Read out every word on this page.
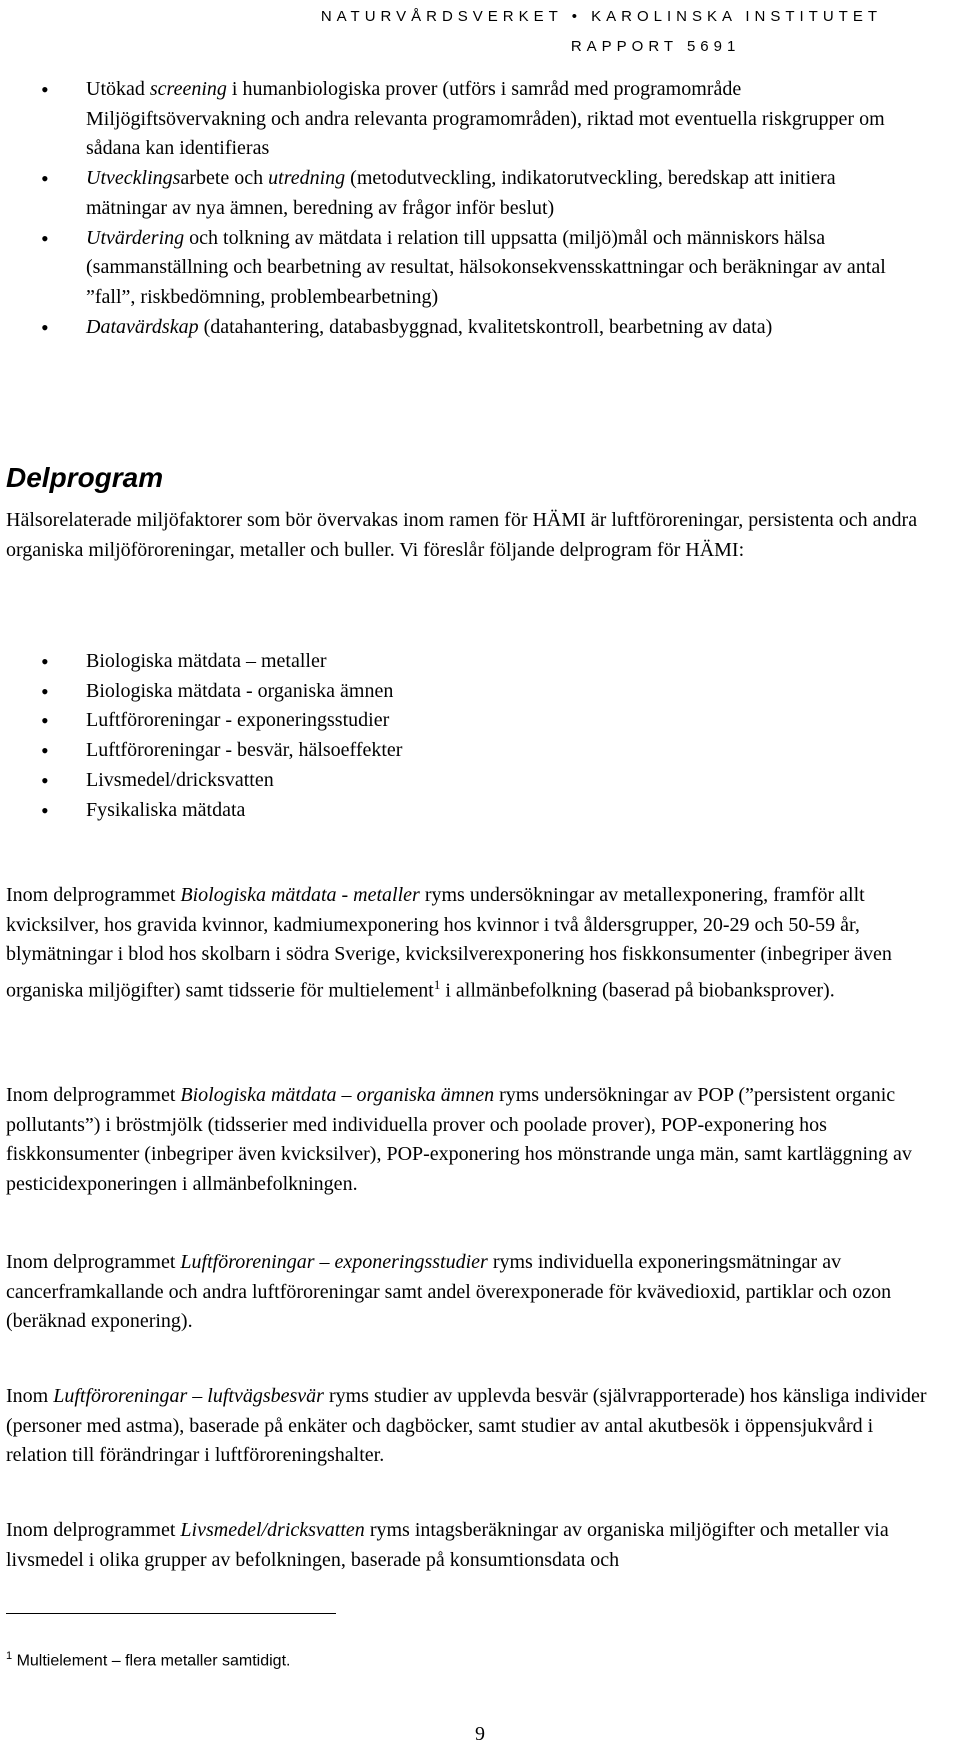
NATURVÅRDSVERKET • KAROLINSKA INSTITUTET
RAPPORT 5691
• Utökad screening i humanbiologiska prover (utförs i samråd med programområde Miljögiftsövervakning och andra relevanta programområden), riktad mot eventuella riskgrupper om sådana kan identifieras
• Utvecklingsarbete och utredning (metodutveckling, indikatorutveckling, beredskap att initiera mätningar av nya ämnen, beredning av frågor inför beslut)
• Utvärdering och tolkning av mätdata i relation till uppsatta (miljö)mål och människors hälsa (sammanställning och bearbetning av resultat, hälsokonsekvensskattningar och beräkningar av antal ”fall”, riskbedömning, problembearbetning)
• Datavärdskap (datahantering, databasbyggnad, kvalitetskontroll, bearbetning av data)
Delprogram

Hälsorelaterade miljöfaktorer som bör övervakas inom ramen för HÄMI är luftföroreningar, persistenta och andra organiska miljöföroreningar, metaller och buller. Vi föreslår följande delprogram för HÄMI:

• Biologiska mätdata – metaller
• Biologiska mätdata - organiska ämnen
• Luftföroreningar - exponeringsstudier
• Luftföroreningar - besvär, hälsoeffekter
• Livsmedel/dricksvatten
• Fysikaliska mätdata

Inom delprogrammet Biologiska mätdata - metaller ryms undersökningar av metallexponering, framför allt kvicksilver, hos gravida kvinnor, kadmiumexponering hos kvinnor i två åldersgrupper, 20-29 och 50-59 år, blymätningar i blod hos skolbarn i södra Sverige, kvicksilverexponering hos fiskkonsumenter (inbegriper även organiska miljögifter) samt tidsserie för multielement$^1$ i allmänbefolkning (baserad på biobanksprover).

Inom delprogrammet Biologiska mätdata – organiska ämnen ryms undersökningar av POP (”persistent organic pollutants”) i bröstmjölk (tidsserier med individuella prover och poolade prover), POP-exponering hos fiskkonsumenter (inbegriper även kvicksilver), POP-exponering hos mönstrande unga män, samt kartläggning av pesticidexponeringen i allmänbefolkningen.

Inom delprogrammet Luftföroreningar – exponeringsstudier ryms individuella exponeringsmätningar av cancerframkallande och andra luftföroreningar samt andel överexponerade för kvävedioxid, partiklar och ozon (beräknad exponering).

Inom Luftföroreningar – luftvägsbesvär ryms studier av upplevda besvär (självrapporterade) hos känsliga individer (personer med astma), baserade på enkäter och dagböcker, samt studier av antal akutbesök i öppensjukvård i relation till förändringar i luftföroreningshalter.

Inom delprogrammet Livsmedel/dricksvatten ryms intagsberäkningar av organiska miljögifter och metaller via livsmedel i olika grupper av befolkningen, baserade på konsumtionsdata och

$^1$ Multielement – flera metaller samtidigt.
9
